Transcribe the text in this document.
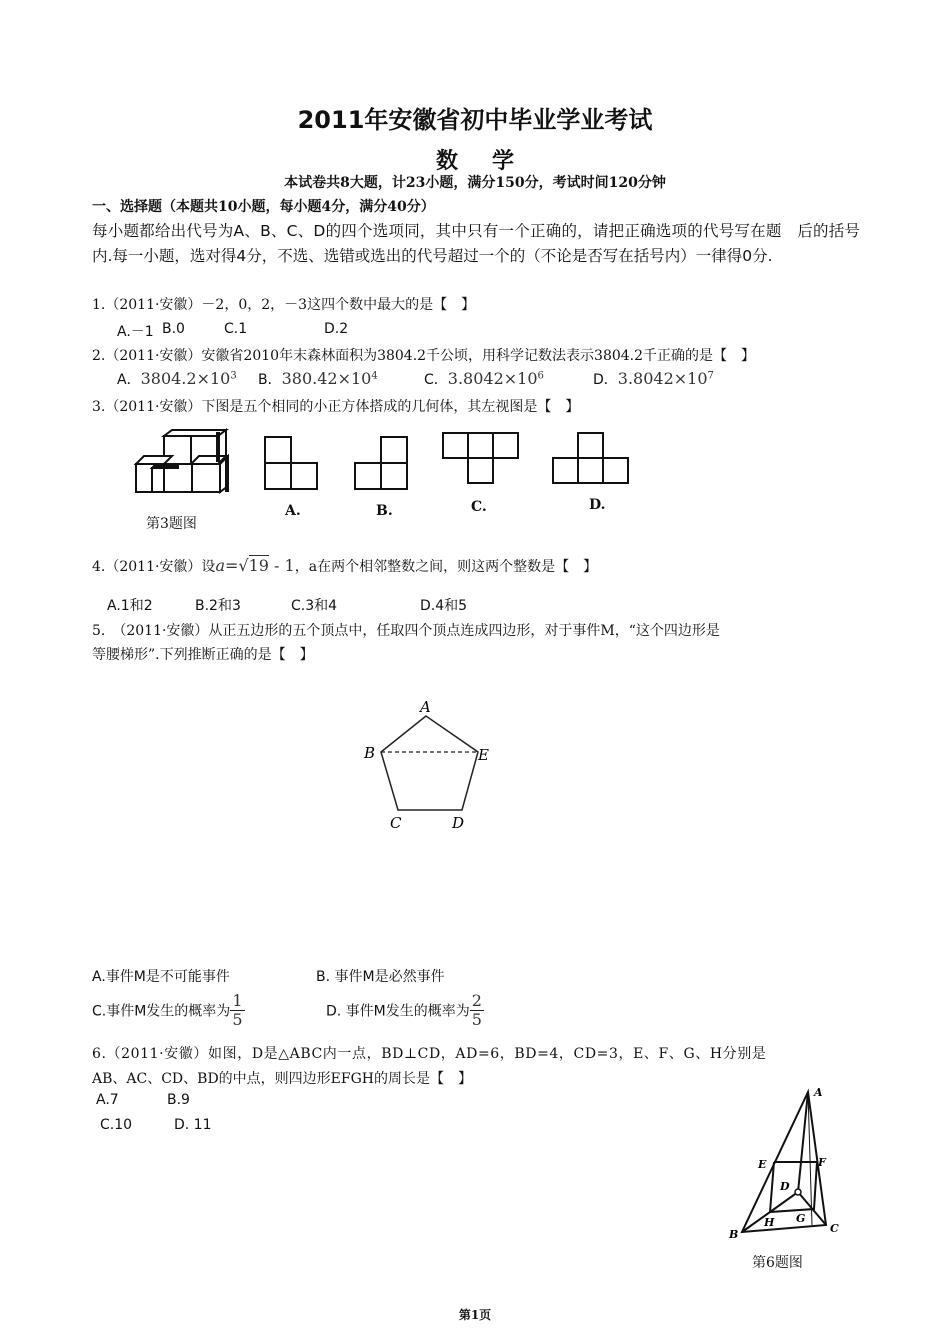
2011年安徽省初中毕业学业考试
数学
本试卷共8大题，计23小题，满分150分，考试时间120分钟
一、选择题（本题共10小题，每小题4分，满分40分）
每小题都给出代号为A、B、C、D的四个选项同，其中只有一个正确的，请把正确选项的代号写在题　后的括号内.每一小题，选对得4分，不选、选错或选出的代号超过一个的（不论是否写在括号内）一律得0分.
1.（2011·安徽）－2，0，2，－3这四个数中最大的是【　】
A.－1 B.0	C.1	D.2
2.（2011·安徽）安徽省2010年末森林面积为3804.2千公顷，用科学记数法表示3804.2千正确的是【　】
A．$3804.2\times 10^3$ B．$380.42\times 10^4$	C．$3.8042\times 10^6$	D．$3.8042\times 10^7$
3.（2011·安徽）下图是五个相同的小正方体搭成的几何体，其左视图是【　】
第3题图
A.	B.	C.	D.
4.（2011·安徽）设a=√19 - 1，a在两个相邻整数之间，则这两个整数是【　】
A.1和2	B.2和3	C.3和4	D.4和5
5.　（2011·安徽）从正五边形的五个顶点中，任取四个顶点连成四边形，对于事件M，“这个四边形是
等腰梯形”.下列推断正确的是【　】
A
B
C	D
E
A.事件M是不可能事件	B. 事件M是必然事件
C.事件M发生的概率为 $\frac{1}{5}$	D. 事件M发生的概率为 $\frac{2}{5}$
6.（2011·安徽）如图，D是△ABC内一点，BD⊥CD，AD=6，BD=4，CD=3，E、F、G、H分别是
AB、AC、CD、BD的中点，则四边形EFGH的周长是【　】
A.7	B.9
C.10	D. 11
A
E	F
D
H G
B	C
第6题图
第1页
